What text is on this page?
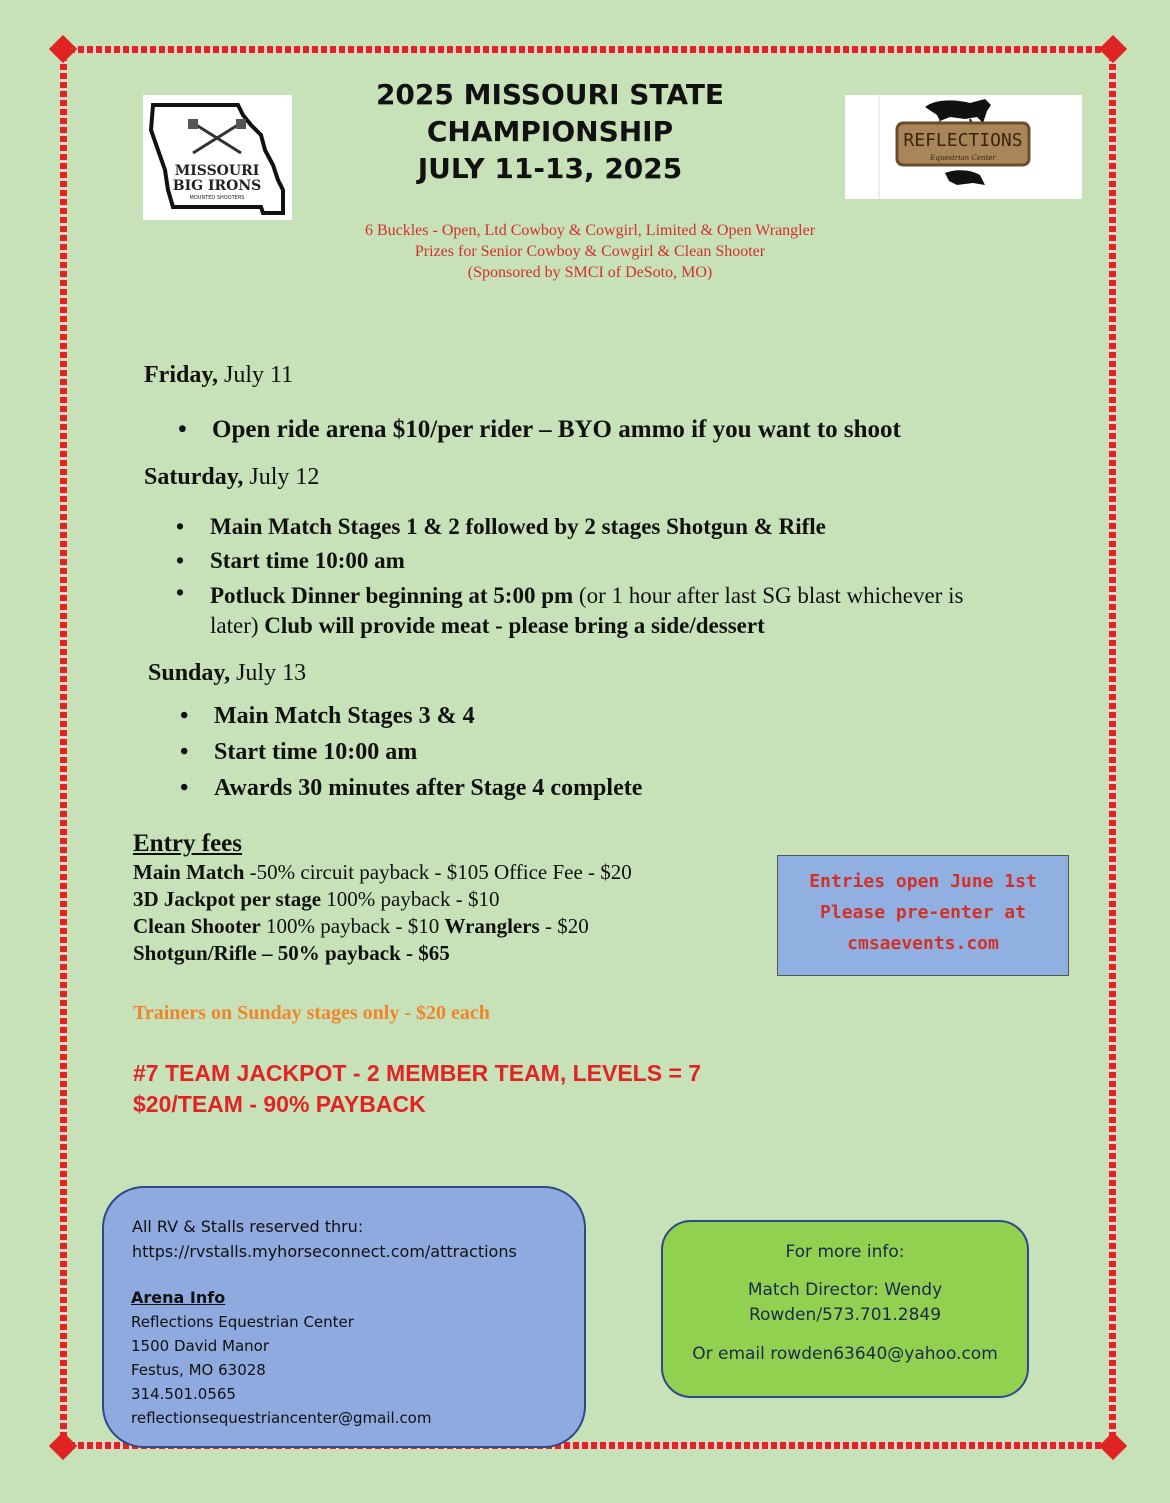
2025 MISSOURI STATE
CHAMPIONSHIP
JULY 11-13, 2025
MISSOURI
BIG IRONS
MOUNTED SHOOTERS
REFLECTIONS
Equestrian Center
6 Buckles - Open, Ltd Cowboy & Cowgirl, Limited & Open Wrangler
Prizes for Senior Cowboy & Cowgirl & Clean Shooter
(Sponsored by SMCI of DeSoto, MO)
Friday, July 11
• Open ride arena $10/per rider – BYO ammo if you want to shoot
Saturday, July 12
• Main Match Stages 1 & 2 followed by 2 stages Shotgun & Rifle
• Start time 10:00 am
• Potluck Dinner beginning at 5:00 pm (or 1 hour after last SG blast whichever is later) Club will provide meat - please bring a side/dessert
Sunday, July 13
• Main Match Stages 3 & 4
• Start time 10:00 am
• Awards 30 minutes after Stage 4 complete
Entry fees
Main Match -50% circuit payback - $105 Office Fee - $20
3D Jackpot per stage 100% payback - $10
Clean Shooter 100% payback - $10 Wranglers - $20
Shotgun/Rifle – 50% payback - $65
Trainers on Sunday stages only - $20 each
#7 TEAM JACKPOT - 2 MEMBER TEAM, LEVELS = 7
$20/TEAM - 90% PAYBACK
Entries open June 1st
Please pre-enter at
cmsaevents.com
All RV & Stalls reserved thru:
https://rvstalls.myhorseconnect.com/attractions
Arena Info
Reflections Equestrian Center
1500 David Manor
Festus, MO 63028
314.501.0565
reflectionsequestriancenter@gmail.com
For more info:
Match Director: Wendy
Rowden/573.701.2849
Or email rowden63640@yahoo.com
